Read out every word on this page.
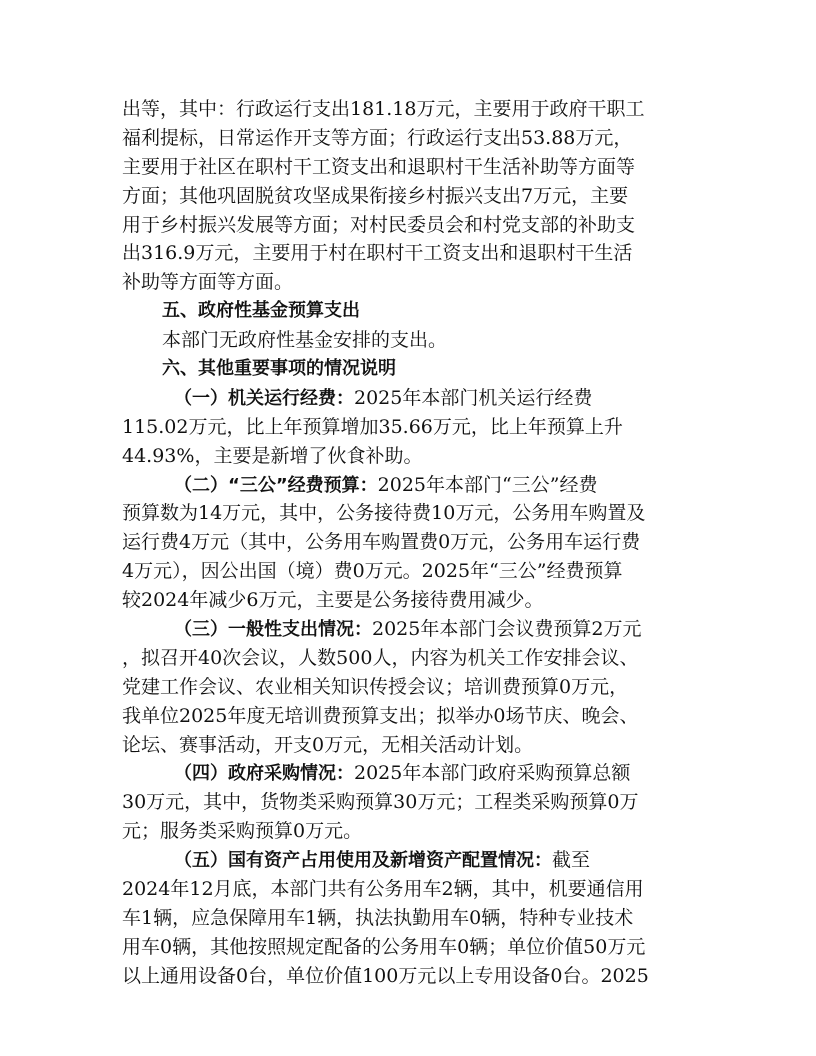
出等，其中：行政运行支出181.18万元，主要用于政府干职工
福利提标，日常运作开支等方面；行政运行支出53.88万元，
主要用于社区在职村干工资支出和退职村干生活补助等方面等
方面；其他巩固脱贫攻坚成果衔接乡村振兴支出7万元，主要
用于乡村振兴发展等方面；对村民委员会和村党支部的补助支
出316.9万元，主要用于村在职村干工资支出和退职村干生活
补助等方面等方面。
五、政府性基金预算支出
本部门无政府性基金安排的支出。
六、其他重要事项的情况说明
（一）机关运行经费：2025年本部门机关运行经费
115.02万元，比上年预算增加35.66万元，比上年预算上升
44.93%，主要是新增了伙食补助。
（二）“三公”经费预算：2025年本部门“三公”经费
预算数为14万元，其中，公务接待费10万元，公务用车购置及
运行费4万元（其中，公务用车购置费0万元，公务用车运行费
4万元），因公出国（境）费0万元。2025年“三公”经费预算
较2024年减少6万元，主要是公务接待费用减少。
（三）一般性支出情况：2025年本部门会议费预算2万元
，拟召开40次会议，人数500人，内容为机关工作安排会议、
党建工作会议、农业相关知识传授会议；培训费预算0万元，
我单位2025年度无培训费预算支出；拟举办0场节庆、晚会、
论坛、赛事活动，开支0万元，无相关活动计划。
（四）政府采购情况：2025年本部门政府采购预算总额
30万元，其中，货物类采购预算30万元；工程类采购预算0万
元；服务类采购预算0万元。
（五）国有资产占用使用及新增资产配置情况：截至
2024年12月底，本部门共有公务用车2辆，其中，机要通信用
车1辆，应急保障用车1辆，执法执勤用车0辆，特种专业技术
用车0辆，其他按照规定配备的公务用车0辆；单位价值50万元
以上通用设备0台，单位价值100万元以上专用设备0台。2025
